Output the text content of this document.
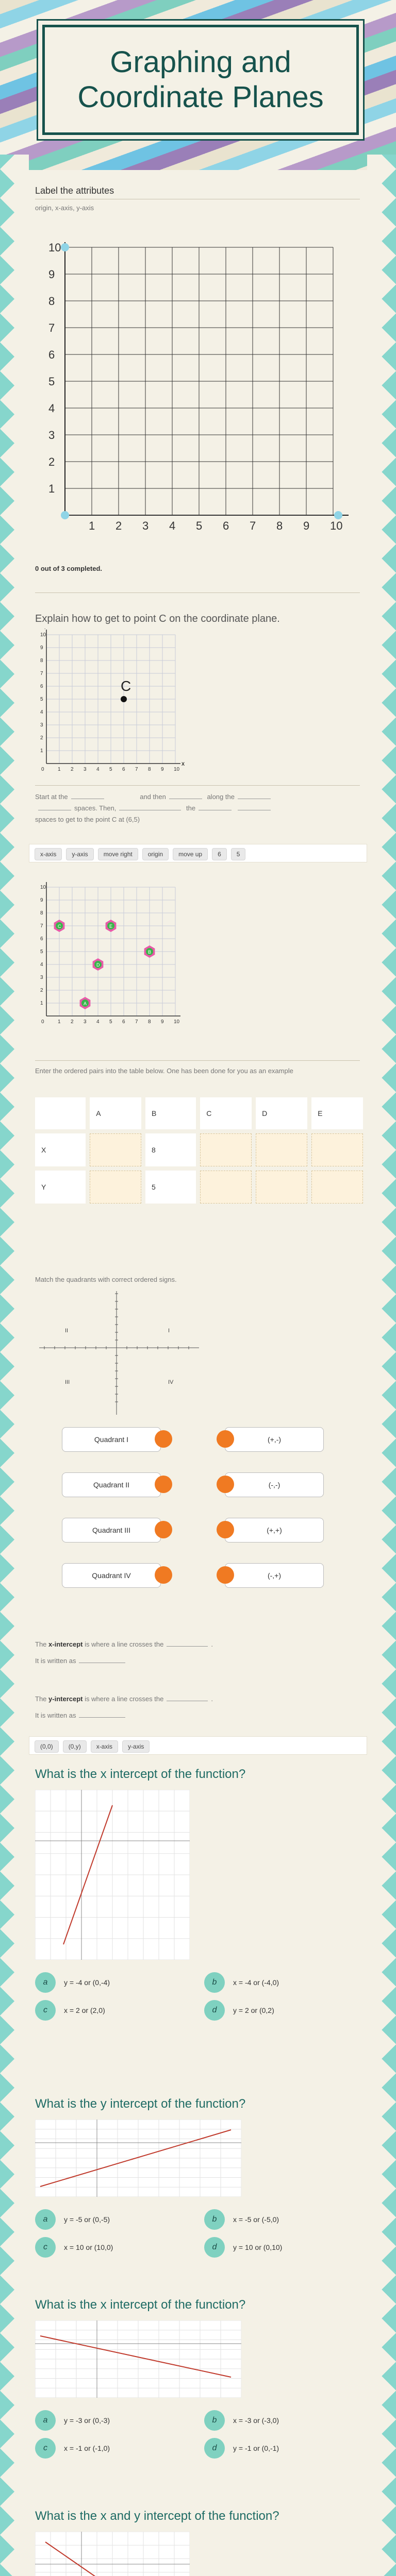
Graphing and Coordinate Planes
Label the attributes
origin, x-axis, y-axis
1 2 3 4 5 6 7 8 9 10
10
9
8
7
6
5
4
3
2
1
0 out of 3 completed.
Explain how to get to point C on the coordinate plane.
1
1
2
2
3
3
4
4
5
5
6
6
7
7
8
8
9
9
10
10
0
x
C
Start at the	and then	along the
spaces. Then,	the
spaces to get to the point C at (6,5)
x-axis	y-axis	move right	origin	move up	6	5
1
1
2
2
3
3
4
4
5
5
6
6
7
7
8
8
9
9
10
10
0
A
B
C
D
E
Enter the ordered pairs into the table below. One has been done for you as an example
	A	B	C	D	E
X		8			
Y		5			
Match the quadrants with correct ordered signs.
II	I
III	IV
Quadrant I	(+,-)
Quadrant II	(-,-)
Quadrant III	(+,+)
Quadrant IV	(-,+)
The x-intercept is where a line crosses the	.
It is written as
The y-intercept is where a line crosses the	.
It is written as
(0,0)	(0,y)	x-axis	y-axis
What is the x intercept of the function?
a	y = -4 or (0,-4)	b	x = -4 or (-4,0)
c	x = 2 or (2,0)	d	y = 2 or (0,2)
What is the y intercept of the function?
a	y = -5 or (0,-5)	b	x = -5 or (-5,0)
c	x = 10 or (10,0)	d	y = 10 or (0,10)
What is the x intercept of the function?
a	y = -3 or (0,-3)	b	x = -3 or (-3,0)
c	x = -1 or (-1,0)	d	y = -1 or (0,-1)
What is the x and y intercept of the function?
